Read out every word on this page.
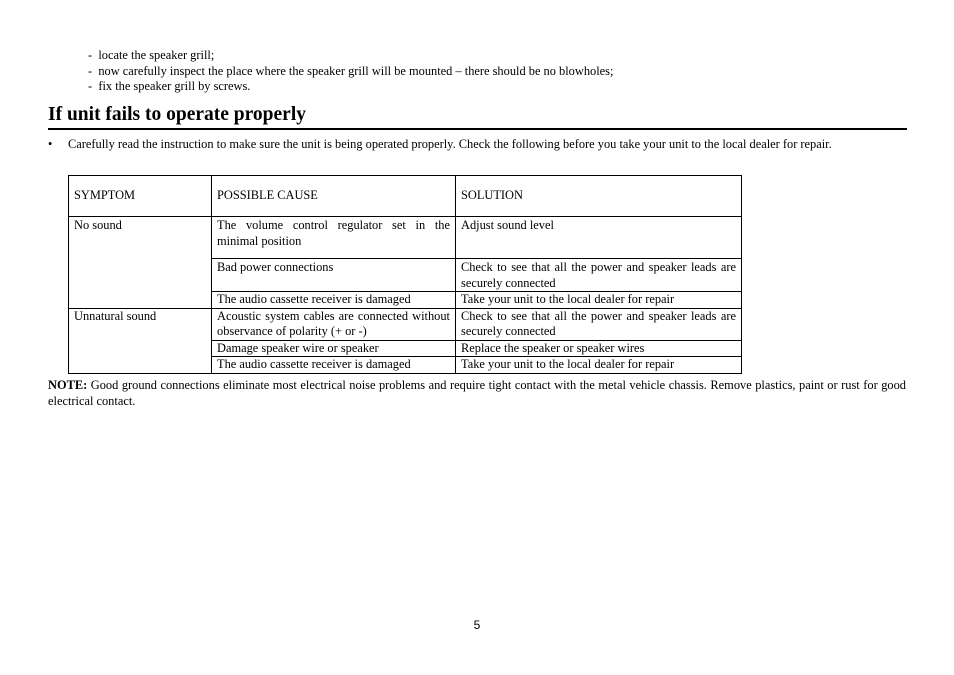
- locate the speaker grill;
- now carefully inspect the place where the speaker grill will be mounted – there should be no blowholes;
- fix the speaker grill by screws.
If unit fails to operate properly
• Carefully read the instruction to make sure the unit is being operated properly. Check the following before you take your unit to the local dealer for repair.
SYMPTOM	POSSIBLE CAUSE	SOLUTION
No sound	The volume control regulator set in the minimal position	Adjust sound level
	Bad power connections	Check to see that all the power and speaker leads are securely connected
	The audio cassette receiver is damaged	Take your unit to the local dealer for repair
Unnatural sound	Acoustic system cables are connected without observance of polarity (+ or -)	Check to see that all the power and speaker leads are securely connected
	Damage speaker wire or speaker	Replace the speaker or speaker wires
	The audio cassette receiver is damaged	Take your unit to the local dealer for repair
NOTE: Good ground connections eliminate most electrical noise problems and require tight contact with the metal vehicle chassis. Remove plastics, paint or rust for good electrical contact.
5
